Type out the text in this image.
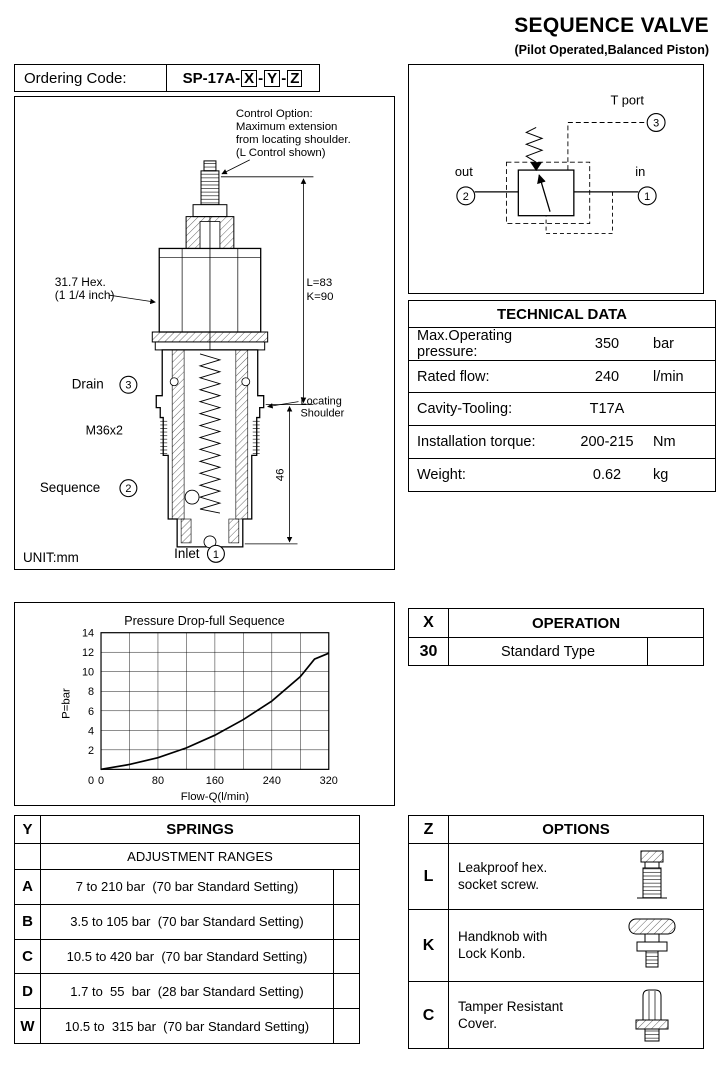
SEQUENCE VALVE
(Pilot Operated,Balanced Piston)
Ordering Code:	SP-17A- X - Y - Z
Control Option:
Maximum extension
from locating shoulder.
(L Control shown)
31.7 Hex.
(1 1/4 inch)
Drain
M36x2
Sequence
Inlet
L=83
K=90
Locating
Shoulder
46
UNIT:mm
3
2
1
T port
3
out
2
in
1
TECHNICAL DATA
Max.Operating pressure:	350	bar
Rated flow:	240	l/min
Cavity-Tooling:	T17A
Installation torque:	200-215	Nm
Weight:	0.62	kg
Pressure Drop-full Sequence
0	80	160	240	320
2
4
6
8
10
12
14
0
P=bar
Flow-Q(l/min)
X	OPERATION
30	Standard Type
Y	SPRINGS
ADJUSTMENT RANGES
A	7 to 210 bar  (70 bar Standard Setting)
B	3.5 to 105 bar  (70 bar Standard Setting)
C	10.5 to 420 bar  (70 bar Standard Setting)
D	1.7 to  55  bar  (28 bar Standard Setting)
W	10.5 to  315 bar  (70 bar Standard Setting)
Z	OPTIONS
L
Leakproof hex.
socket screw.
K
Handknob with
Lock Konb.
C
Tamper Resistant
Cover.
